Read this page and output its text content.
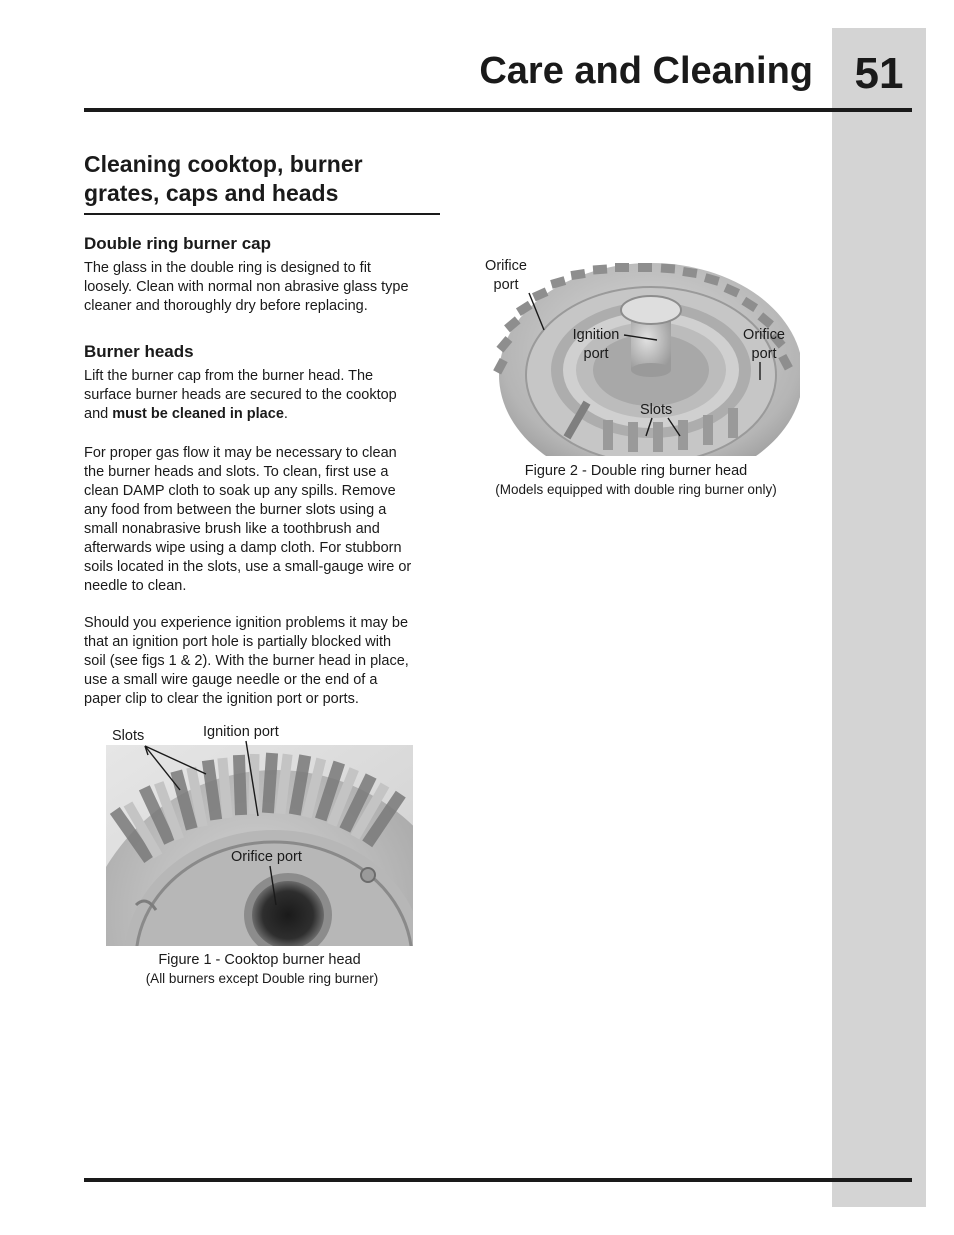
51
Care and Cleaning
Cleaning cooktop, burner
grates, caps and heads
Double ring burner cap
The glass in the double ring is designed to fit
loosely. Clean with normal non abrasive glass type
cleaner and thoroughly dry before replacing.
Burner heads
Lift the burner cap from the burner head. The
surface burner heads are secured to the cooktop
and must be cleaned in place.
For proper gas flow it may be necessary to clean
the burner heads and slots. To clean, first use a
clean DAMP cloth to soak up any spills. Remove
any food from between the burner slots using a
small nonabrasive brush like a toothbrush and
afterwards wipe using a damp cloth. For stubborn
soils located in the slots, use a small-gauge wire or
needle to clean.
Should you experience ignition problems it may be
that an ignition port hole is partially blocked with
soil (see figs 1 & 2). With the burner head in place,
use a small wire gauge needle or the end of a
paper clip to clear the ignition port or ports.
Slots	Ignition port
Orifice port
Figure 1 - Cooktop burner head
(All burners except Double ring burner)
Orifice
port
Ignition
port
Orifice
port
Slots
Figure 2 - Double ring burner head
(Models equipped with double ring burner only)
